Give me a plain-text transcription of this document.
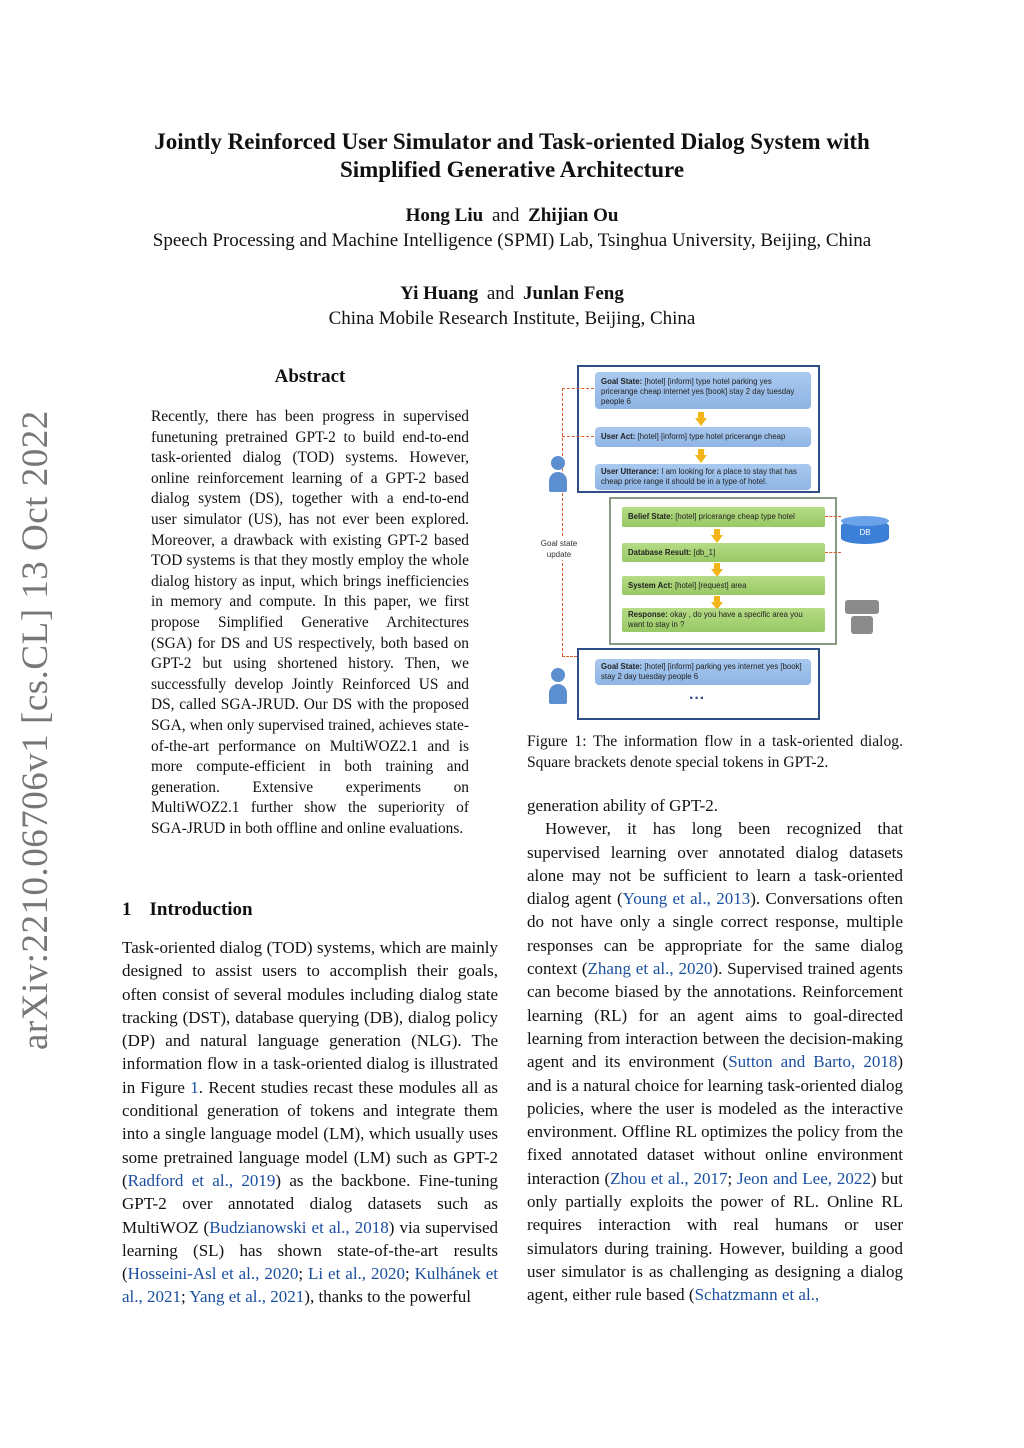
Jointly Reinforced User Simulator and Task-oriented Dialog System with
Simplified Generative Architecture
Hong Liu and Zhijian Ou
Speech Processing and Machine Intelligence (SPMI) Lab, Tsinghua University, Beijing, China
Yi Huang and Junlan Feng
China Mobile Research Institute, Beijing, China
arXiv:2210.06706v1 [cs.CL] 13 Oct 2022
Abstract
Recently, there has been progress in supervised funetuning pretrained GPT-2 to build end-to-end task-oriented dialog (TOD) systems. However, online reinforcement learning of a GPT-2 based dialog system (DS), together with a end-to-end user simulator (US), has not ever been explored. Moreover, a drawback with existing GPT-2 based TOD systems is that they mostly employ the whole dialog history as input, which brings inefficiencies in memory and compute. In this paper, we first propose Simplified Generative Architectures (SGA) for DS and US respectively, both based on GPT-2 but using shortened history. Then, we successfully develop Jointly Reinforced US and DS, called SGA-JRUD. Our DS with the proposed SGA, when only supervised trained, achieves state-of-the-art performance on MultiWOZ2.1 and is more compute-efficient in both training and generation. Extensive experiments on MultiWOZ2.1 further show the superiority of SGA-JRUD in both offline and online evaluations.
1 Introduction

Task-oriented dialog (TOD) systems, which are mainly designed to assist users to accomplish their goals, often consist of several modules including dialog state tracking (DST), database querying (DB), dialog policy (DP) and natural language generation (NLG). The information flow in a task-oriented dialog is illustrated in Figure 1. Recent studies recast these modules all as conditional generation of tokens and integrate them into a single language model (LM), which usually uses some pretrained language model (LM) such as GPT-2 (Radford et al., 2019) as the backbone. Fine-tuning GPT-2 over annotated dialog datasets such as MultiWOZ (Budzianowski et al., 2018) via supervised learning (SL) has shown state-of-the-art results (Hosseini-Asl et al., 2020; Li et al., 2020; Kulhánek et al., 2021; Yang et al., 2021), thanks to the powerful

generation ability of GPT-2.

However, it has long been recognized that supervised learning over annotated dialog datasets alone may not be sufficient to learn a task-oriented dialog agent (Young et al., 2013). Conversations often do not have only a single correct response, multiple responses can be appropriate for the same dialog context (Zhang et al., 2020). Supervised trained agents can become biased by the annotations. Reinforcement learning (RL) for an agent aims to goal-directed learning from interaction between the decision-making agent and its environment (Sutton and Barto, 2018) and is a natural choice for learning task-oriented dialog policies, where the user is modeled as the interactive environment. Offline RL optimizes the policy from the fixed annotated dataset without online environment interaction (Zhou et al., 2017; Jeon and Lee, 2022) but only partially exploits the power of RL. Online RL requires interaction with real humans or user simulators during training. However, building a good user simulator is as challenging as designing a dialog agent, either rule based (Schatzmann et al.,

Goal State: [hotel] [inform] type hotel parking yes pricerange cheap internet yes [book] stay 2 day tuesday people 6
User Act: [hotel] [inform] type hotel pricerange cheap
User Utterance: I am looking for a place to stay that has cheap price range it should be in a type of hotel.
Goal state update
Belief State: [hotel] pricerange cheap type hotel
Database Result: [db_1]
System Act: [hotel] [request] area
Response: okay , do you have a specific area you want to stay in ?
DB
Goal State: [hotel] [inform] parking yes internet yes [book] stay 2 day tuesday people 6
···
Figure 1: The information flow in a task-oriented dialog. Square brackets denote special tokens in GPT-2.
